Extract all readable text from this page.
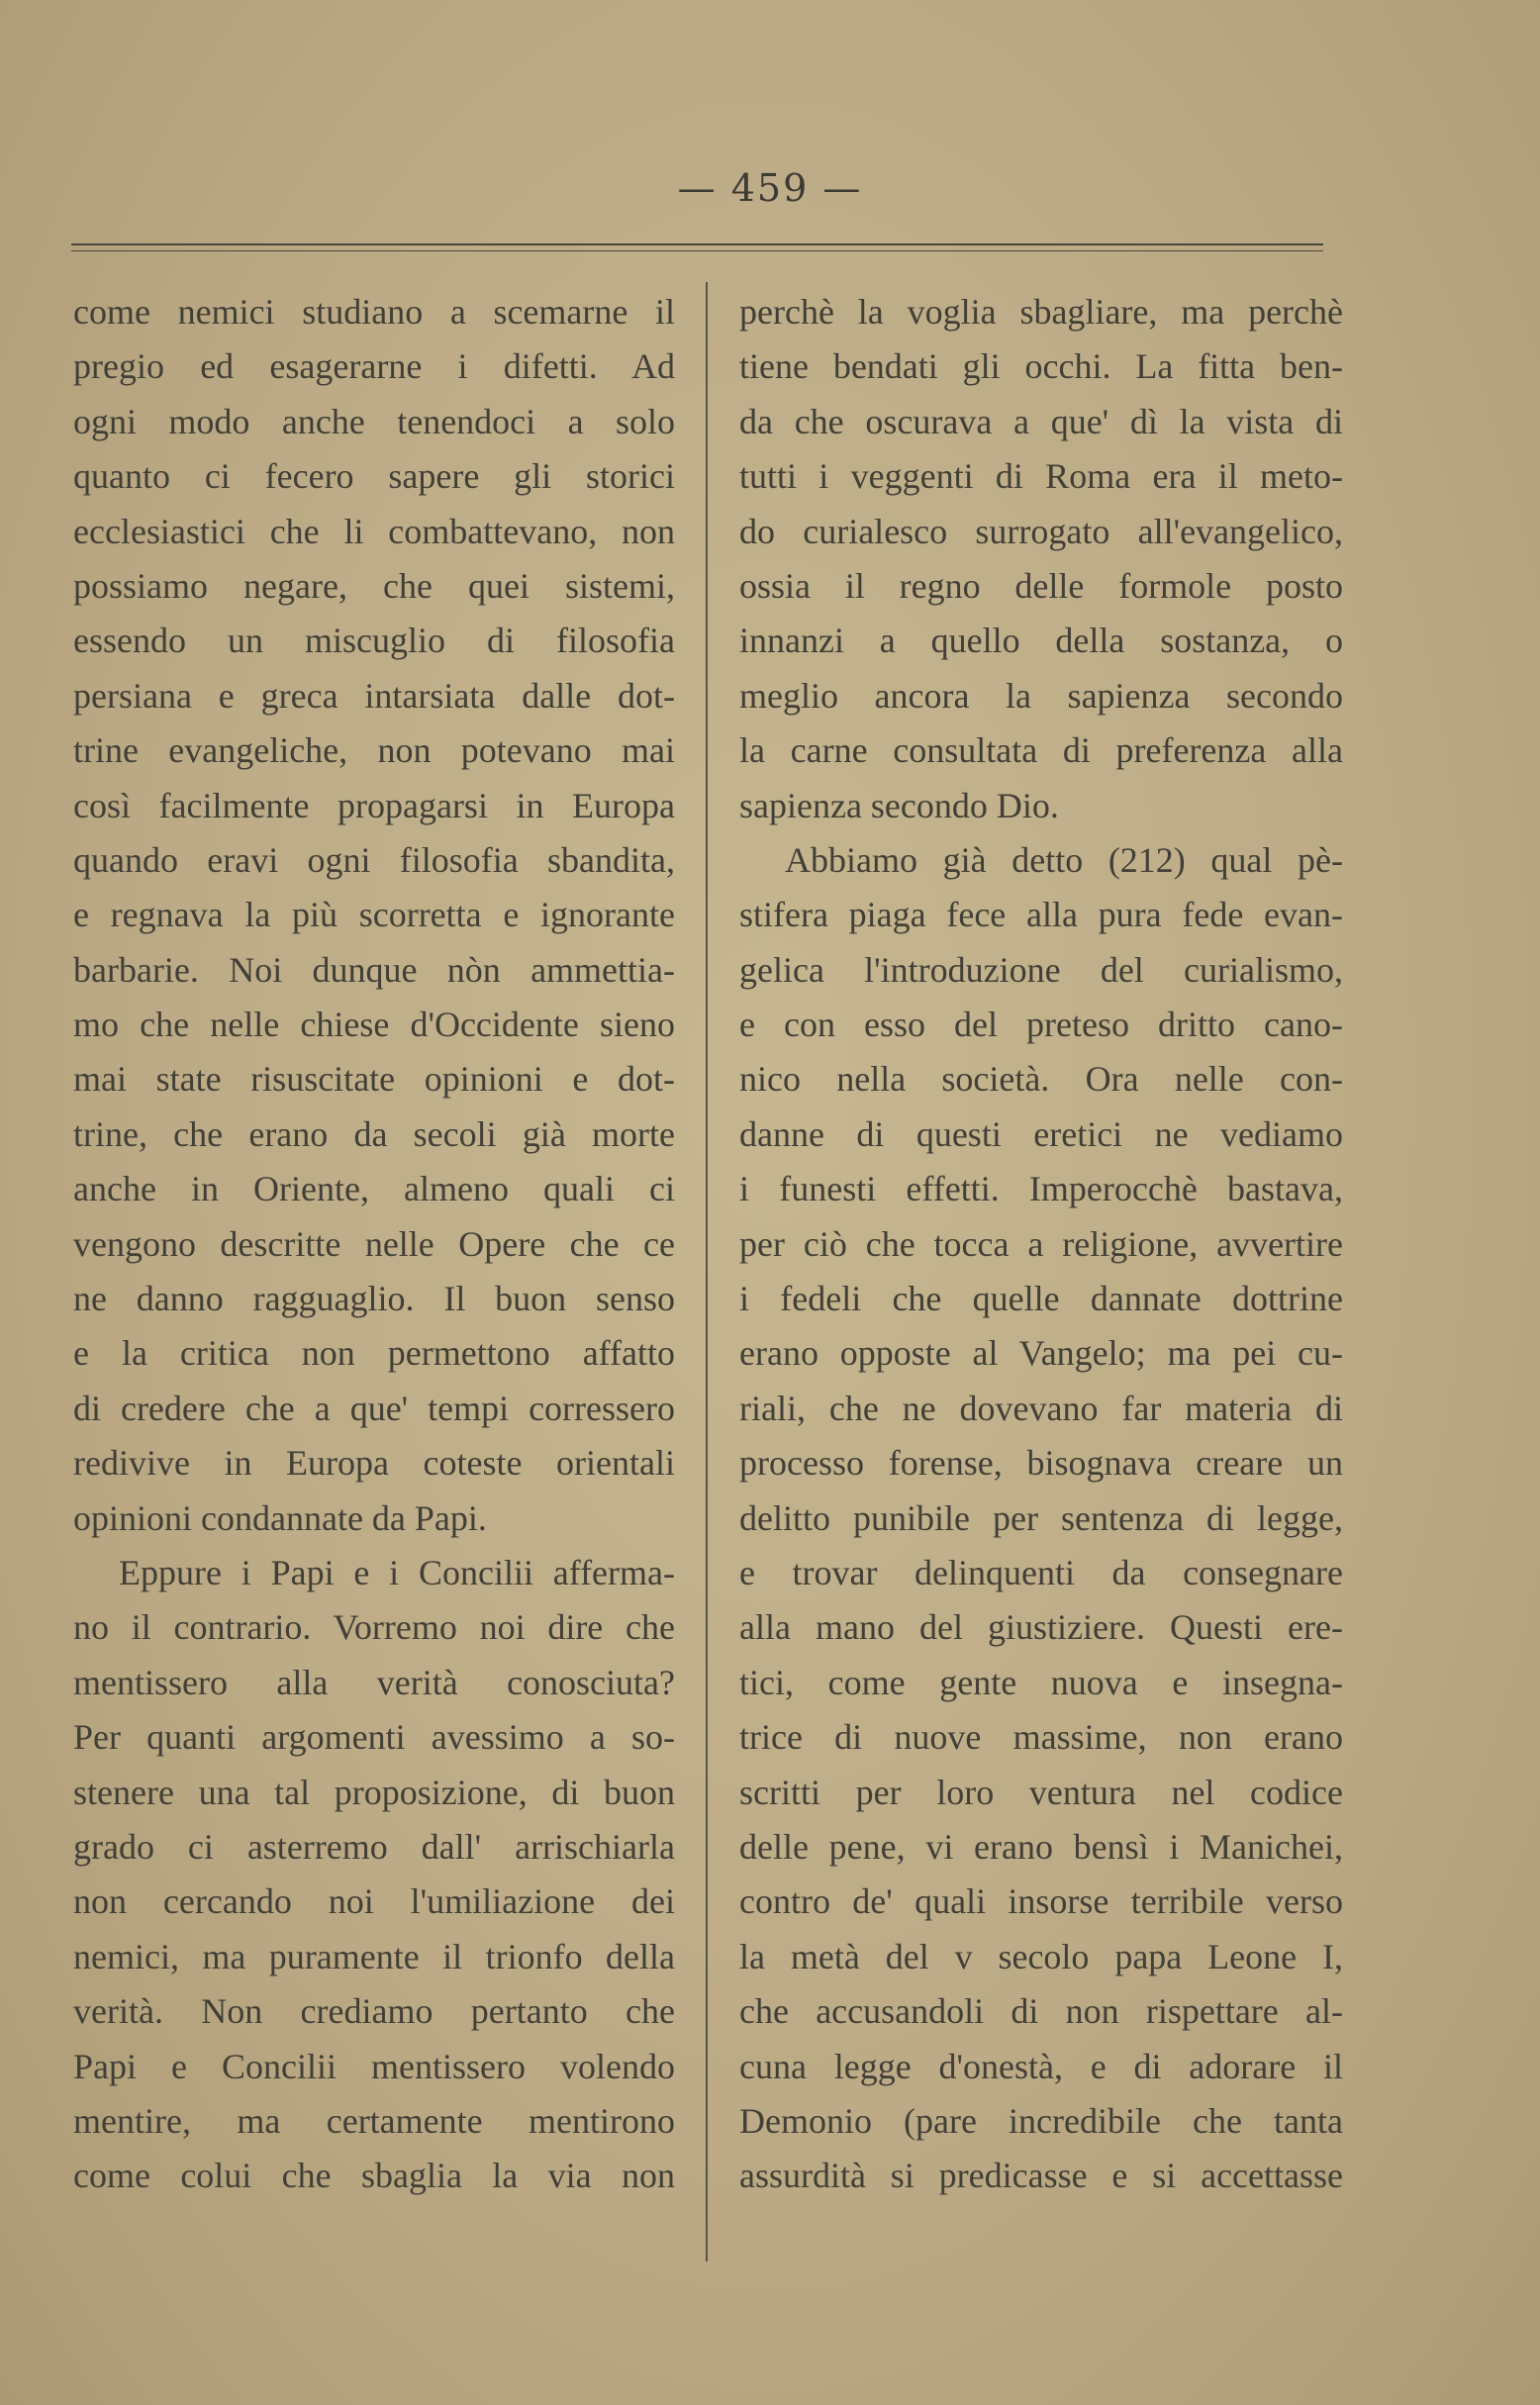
— 459 —
come nemici studiano a scemarne il
pregio ed esagerarne i difetti. Ad
ogni modo anche tenendoci a solo
quanto ci fecero sapere gli storici
ecclesiastici che li combattevano, non
possiamo negare, che quei sistemi,
essendo un miscuglio di filosofia
persiana e greca intarsiata dalle dot-
trine evangeliche, non potevano mai
così facilmente propagarsi in Europa
quando eravi ogni filosofia sbandita,
e regnava la più scorretta e ignorante
barbarie. Noi dunque nòn ammettia-
mo che nelle chiese d'Occidente sieno
mai state risuscitate opinioni e dot-
trine, che erano da secoli già morte
anche in Oriente, almeno quali ci
vengono descritte nelle Opere che ce
ne danno ragguaglio. Il buon senso
e la critica non permettono affatto
di credere che a que' tempi corressero
redivive in Europa coteste orientali
opinioni condannate da Papi.
Eppure i Papi e i Concilii afferma-
no il contrario. Vorremo noi dire che
mentissero alla verità conosciuta?
Per quanti argomenti avessimo a so-
stenere una tal proposizione, di buon
grado ci asterremo dall' arrischiarla
non cercando noi l'umiliazione dei
nemici, ma puramente il trionfo della
verità. Non crediamo pertanto che
Papi e Concilii mentissero volendo
mentire, ma certamente mentirono
come colui che sbaglia la via non
perchè la voglia sbagliare, ma perchè
tiene bendati gli occhi. La fitta ben-
da che oscurava a que' dì la vista di
tutti i veggenti di Roma era il meto-
do curialesco surrogato all'evangelico,
ossia il regno delle formole posto
innanzi a quello della sostanza, o
meglio ancora la sapienza secondo
la carne consultata di preferenza alla
sapienza secondo Dio.
Abbiamo già detto (212) qual pè-
stifera piaga fece alla pura fede evan-
gelica l'introduzione del curialismo,
e con esso del preteso dritto cano-
nico nella società. Ora nelle con-
danne di questi eretici ne vediamo
i funesti effetti. Imperocchè bastava,
per ciò che tocca a religione, avvertire
i fedeli che quelle dannate dottrine
erano opposte al Vangelo; ma pei cu-
riali, che ne dovevano far materia di
processo forense, bisognava creare un
delitto punibile per sentenza di legge,
e trovar delinquenti da consegnare
alla mano del giustiziere. Questi ere-
tici, come gente nuova e insegna-
trice di nuove massime, non erano
scritti per loro ventura nel codice
delle pene, vi erano bensì i Manichei,
contro de' quali insorse terribile verso
la metà del v secolo papa Leone I,
che accusandoli di non rispettare al-
cuna legge d'onestà, e di adorare il
Demonio (pare incredibile che tanta
assurdità si predicasse e si accettasse
